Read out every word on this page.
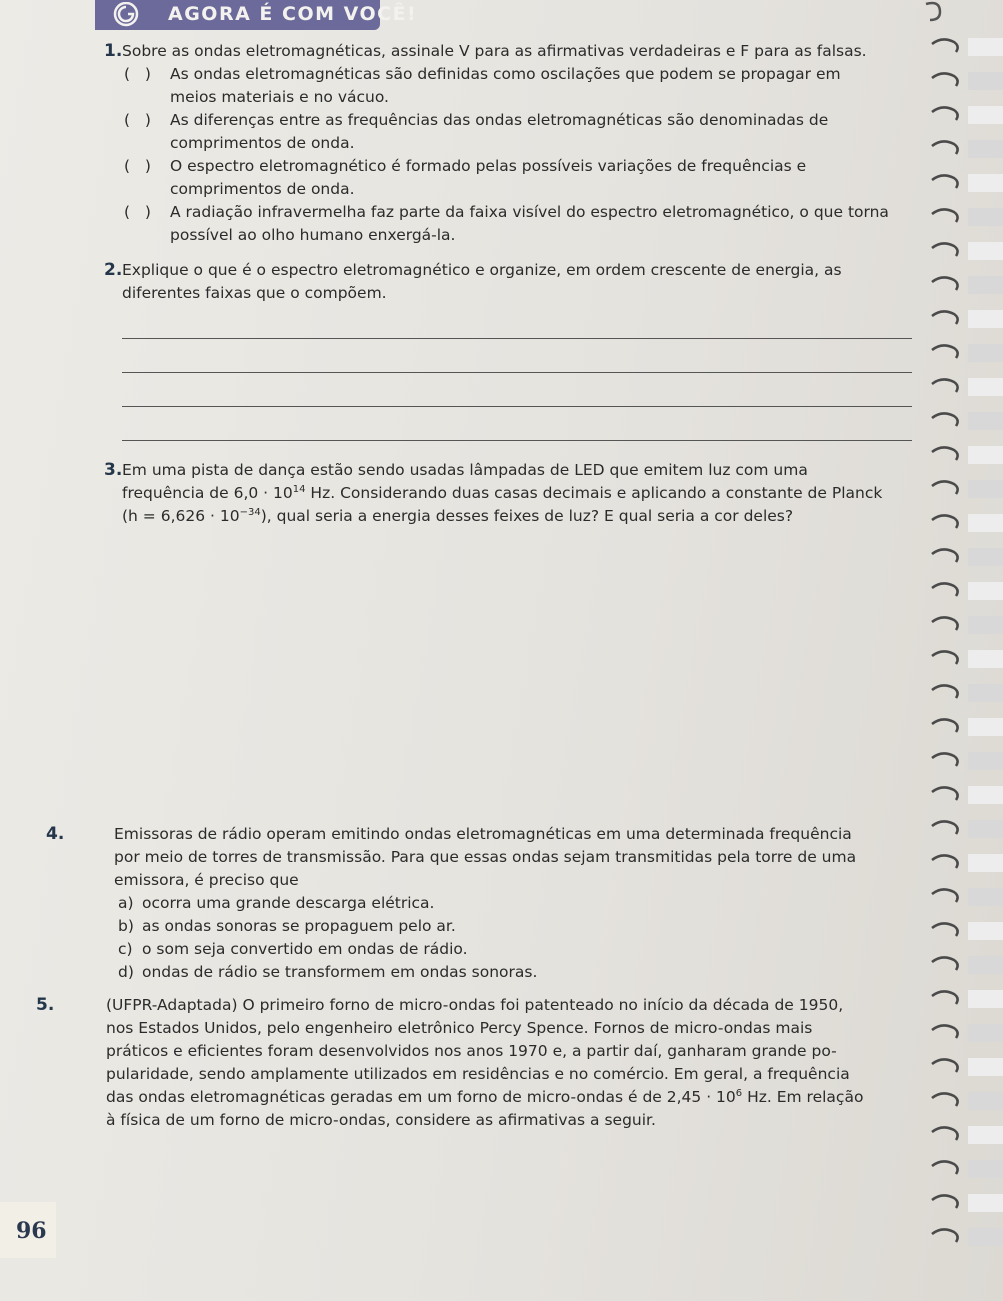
AGORA É COM VOCÊ!
1. Sobre as ondas eletromagnéticas, assinale V para as afirmativas verdadeiras e F para as falsas.
( ) As ondas eletromagnéticas são definidas como oscilações que podem se propagar em
meios materiais e no vácuo.
( ) As diferenças entre as frequências das ondas eletromagnéticas são denominadas de
comprimentos de onda.
( ) O espectro eletromagnético é formado pelas possíveis variações de frequências e
comprimentos de onda.
( ) A radiação infravermelha faz parte da faixa visível do espectro eletromagnético, o que torna
possível ao olho humano enxergá-la.
2. Explique o que é o espectro eletromagnético e organize, em ordem crescente de energia, as
diferentes faixas que o compõem.
3. Em uma pista de dança estão sendo usadas lâmpadas de LED que emitem luz com uma
frequência de $6,0 \cdot 10^{14}$ Hz. Considerando duas casas decimais e aplicando a constante de Planck
$(h = 6,626 \cdot 10^{-34})$, qual seria a energia desses feixes de luz? E qual seria a cor deles?
4.	Emissoras de rádio operam emitindo ondas eletromagnéticas em uma determinada frequência
por meio de torres de transmissão. Para que essas ondas sejam transmitidas pela torre de uma
emissora, é preciso que
a) ocorra uma grande descarga elétrica.
b) as ondas sonoras se propaguem pelo ar.
c) o som seja convertido em ondas de rádio.
d) ondas de rádio se transformem em ondas sonoras.
5.	(UFPR-Adaptada) O primeiro forno de micro-ondas foi patenteado no início da década de 1950,
nos Estados Unidos, pelo engenheiro eletrônico Percy Spence. Fornos de micro-ondas mais
práticos e eficientes foram desenvolvidos nos anos 1970 e, a partir daí, ganharam grande po-
pularidade, sendo amplamente utilizados em residências e no comércio. Em geral, a frequência
das ondas eletromagnéticas geradas em um forno de micro-ondas é de $2,45 \cdot 10^6$ Hz. Em relação
à física de um forno de micro-ondas, considere as afirmativas a seguir.
96
